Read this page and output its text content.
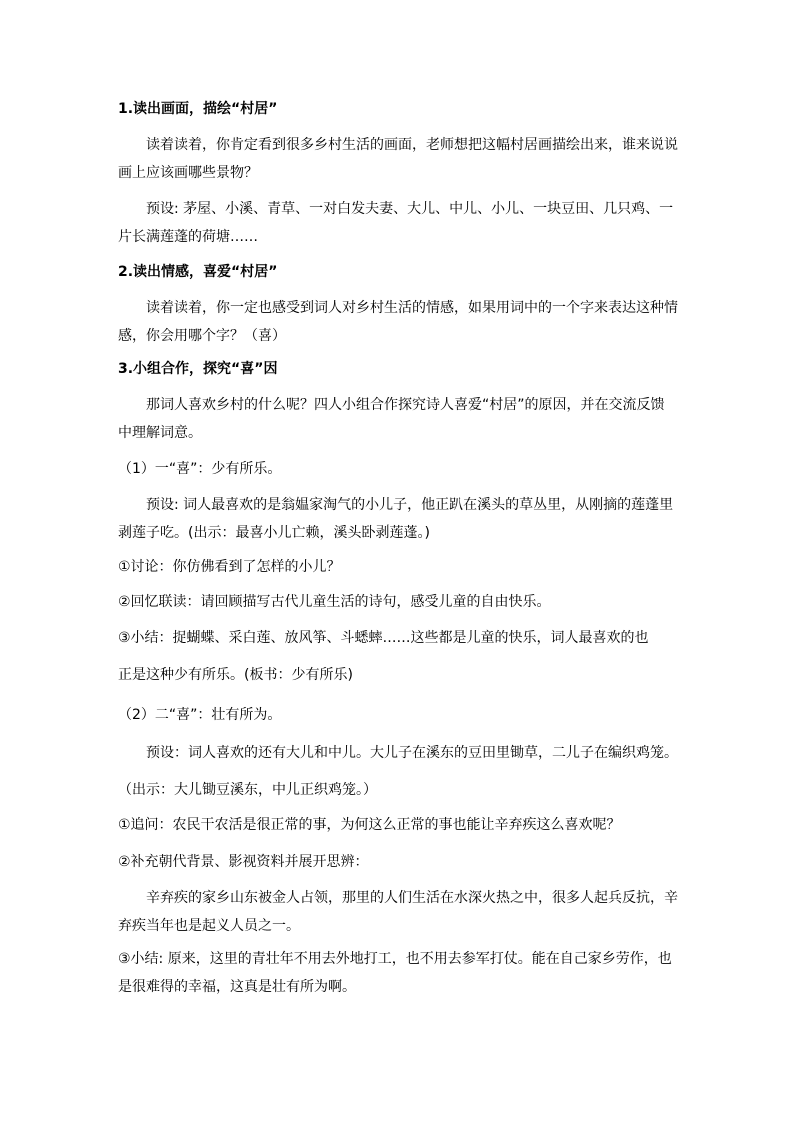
1.读出画面，描绘“村居”

读着读着，你肯定看到很多乡村生活的画面，老师想把这幅村居画描绘出来，谁来说说画上应该画哪些景物？

预设: 茅屋、小溪、青草、一对白发夫妻、大儿、中儿、小儿、一块豆田、几只鸡、一片长满莲蓬的荷塘……

2.读出情感，喜爱“村居”

读着读着，你一定也感受到词人对乡村生活的情感，如果用词中的一个字来表达这种情感，你会用哪个字？（喜）

3.小组合作，探究“喜”因

那词人喜欢乡村的什么呢？四人小组合作探究诗人喜爱“村居”的原因，并在交流反馈中理解词意。

（1）一“喜”：少有所乐。

预设: 词人最喜欢的是翁媪家淘气的小儿子，他正趴在溪头的草丛里，从刚摘的莲蓬里剥莲子吃。(出示：最喜小儿亡赖，溪头卧剥莲蓬。)

①讨论：你仿佛看到了怎样的小儿？

②回忆联读：请回顾描写古代儿童生活的诗句，感受儿童的自由快乐。

③小结：捉蝴蝶、采白莲、放风筝、斗蟋蟀……这些都是儿童的快乐，词人最喜欢的也

正是这种少有所乐。(板书：少有所乐)

（2）二“喜”：壮有所为。

预设：词人喜欢的还有大儿和中儿。大儿子在溪东的豆田里锄草，二儿子在编织鸡笼。

（出示：大儿锄豆溪东，中儿正织鸡笼。）

①追问：农民干农活是很正常的事，为何这么正常的事也能让辛弃疾这么喜欢呢？

②补充朝代背景、影视资料并展开思辨：

辛弃疾的家乡山东被金人占领，那里的人们生活在水深火热之中，很多人起兵反抗，辛弃疾当年也是起义人员之一。

③小结: 原来，这里的青壮年不用去外地打工，也不用去参军打仗。能在自己家乡劳作，也是很难得的幸福，这真是壮有所为啊。
